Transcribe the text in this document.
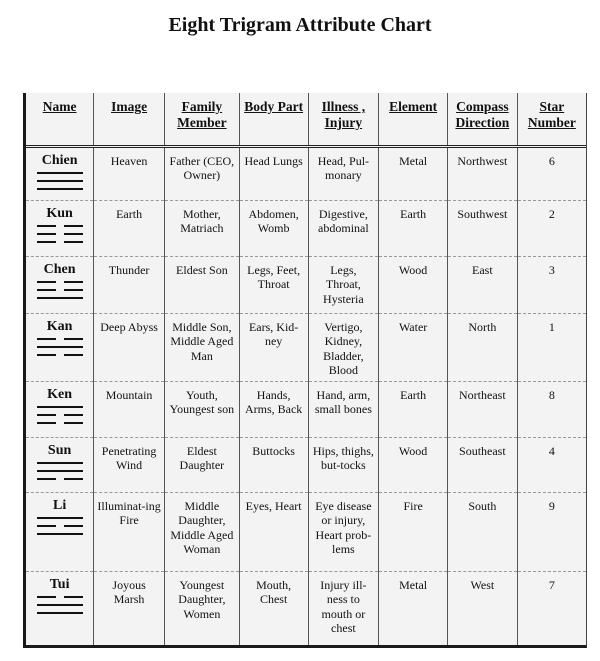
Eight Trigram Attribute Chart
Name	Image	Family Member	Body Part	Illness , Injury	Element	Compass Direction	Star Number

Chien	Heaven	Father (CEO, Owner)	Head Lungs	Head, Pul-monary	Metal	Northwest	6

Kun	Earth	Mother, Matriach	Abdomen, Womb	Digestive, abdominal	Earth	Southwest	2

Chen	Thunder	Eldest Son	Legs, Feet, Throat	Legs, Throat, Hysteria	Wood	East	3

Kan	Deep Abyss	Middle Son, Middle Aged Man	Ears, Kid-ney	Vertigo, Kidney, Bladder, Blood	Water	North	1

Ken	Mountain	Youth, Youngest son	Hands, Arms, Back	Hand, arm, small bones	Earth	Northeast	8

Sun	Penetrating Wind	Eldest Daughter	Buttocks	Hips, thighs, but-tocks	Wood	Southeast	4

Li	Illuminat-ing Fire	Middle Daughter, Middle Aged Woman	Eyes, Heart	Eye disease or injury, Heart prob-lems	Fire	South	9

Tui	Joyous Marsh	Youngest Daughter, Women	Mouth, Chest	Injury ill-ness to mouth or chest	Metal	West	7
